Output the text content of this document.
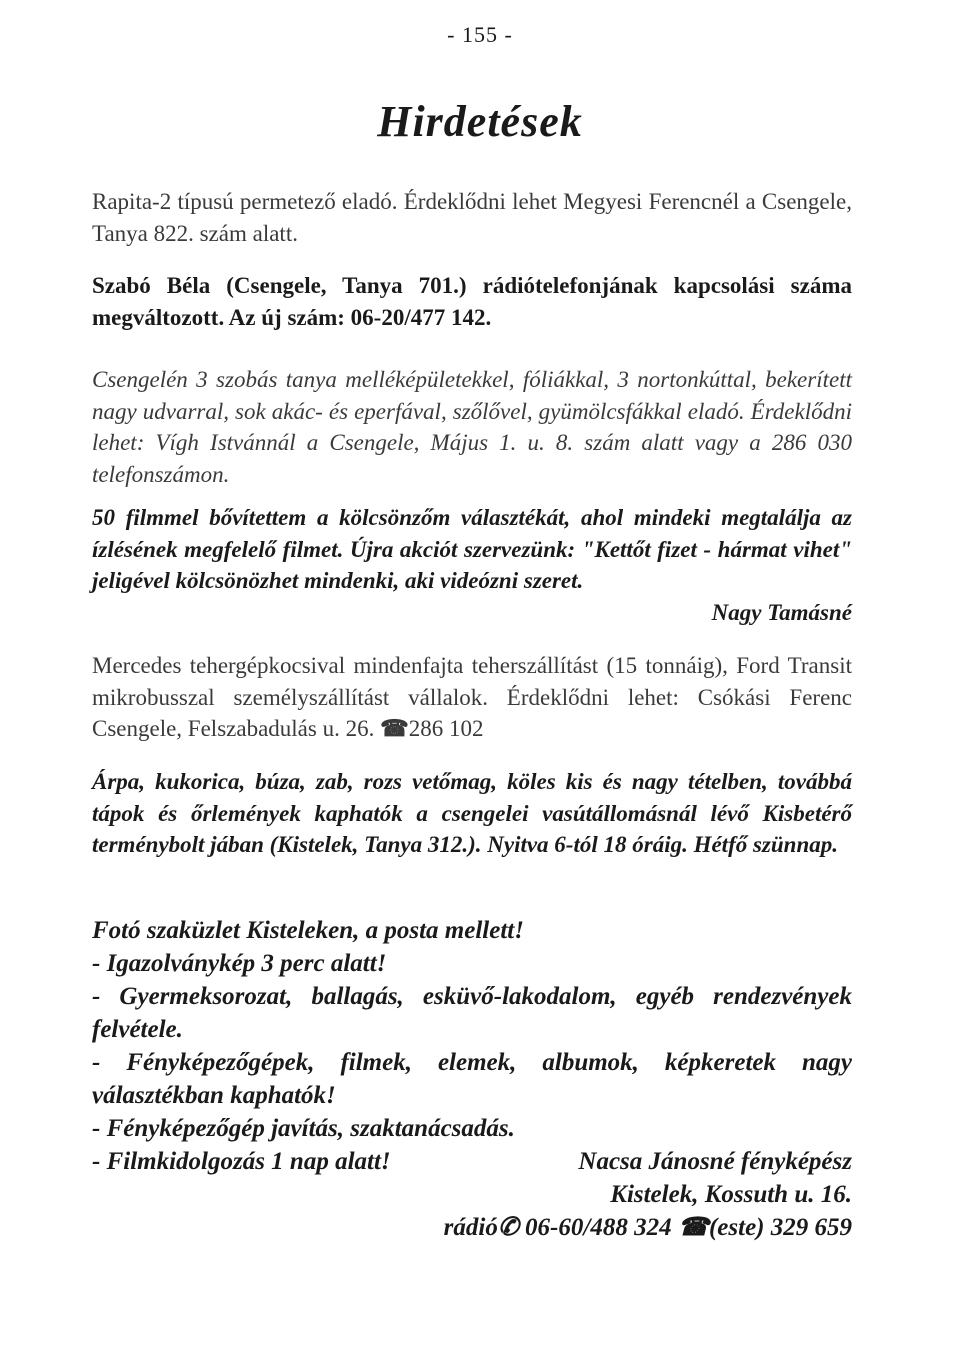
- 155 -
Hirdetések

Rapita-2 típusú permetező eladó. Érdeklődni lehet Megyesi Ferencnél a Csengele, Tanya 822. szám alatt.

Szabó Béla (Csengele, Tanya 701.) rádiótelefonjának kapcsolási száma megváltozott. Az új szám: 06-20/477 142.

Csengelén 3 szobás tanya melléképületekkel, fóliákkal, 3 nortonkúttal, bekerített nagy udvarral, sok akác- és eperfával, szőlővel, gyümölcsfákkal eladó. Érdeklődni lehet: Vígh Istvánnál a Csengele, Május 1. u. 8. szám alatt vagy a 286 030 telefonszámon.

50 filmmel bővítettem a kölcsönzőm választékát, ahol mindeki megtalálja az ízlésének megfelelő filmet. Újra akciót szervezünk: "Kettőt fizet - hármat vihet" jeligével kölcsönözhet mindenki, aki videózni szeret.

Nagy Tamásné

Mercedes tehergépkocsival mindenfajta teherszállítást (15 tonnáig), Ford Transit mikrobusszal személyszállítást vállalok. Érdeklődni lehet: Csókási Ferenc Csengele, Felszabadulás u. 26. ☎286 102

Árpa, kukorica, búza, zab, rozs vetőmag, köles kis és nagy tételben, továbbá tápok és őrlemények kaphatók a csengelei vasútállomásnál lévő Kisbetérő terménybolt jában (Kistelek, Tanya 312.). Nyitva 6-tól 18 óráig. Hétfő szünnap.

Fotó szaküzlet Kisteleken, a posta mellett!

- Igazolványkép 3 perc alatt!

- Gyermeksorozat, ballagás, esküvő-lakodalom, egyéb rendezvények felvétele.

- Fényképezőgépek, filmek, elemek, albumok, képkeretek nagy választékban kaphatók!

- Fényképezőgép javítás, szaktanácsadás.

- Filmkidolgozás 1 nap alatt!	Nacsa Jánosné fényképész

Kistelek, Kossuth u. 16.

rádió✆ 06-60/488 324 ☎(este) 329 659
